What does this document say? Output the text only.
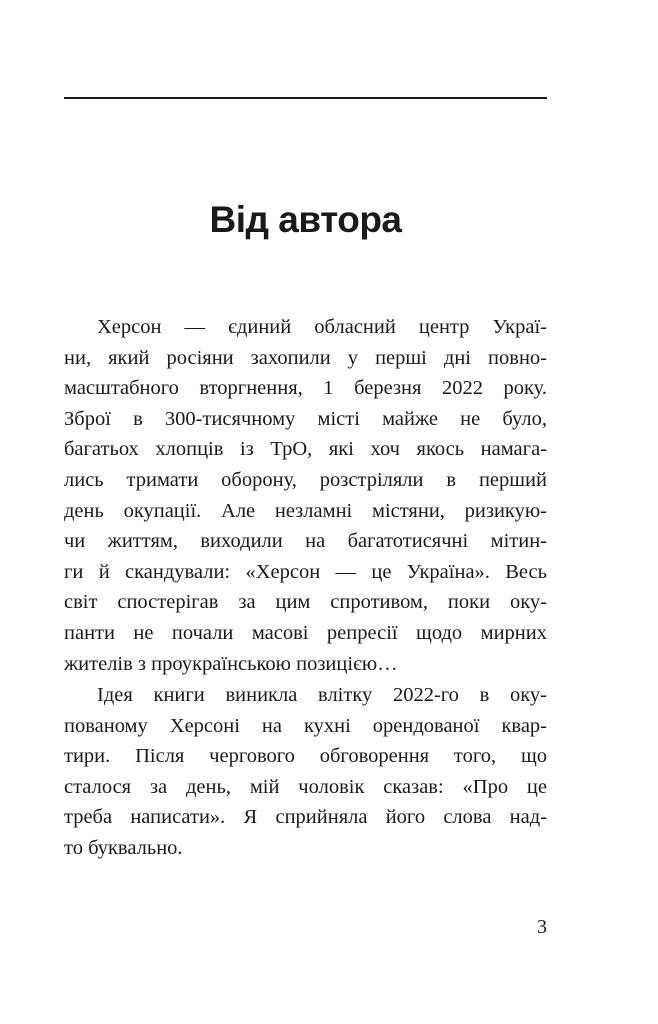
Від автора
Херсон — єдиний обласний центр Украї-
ни, який росіяни захопили у перші дні повно-
масштабного вторгнення, 1 березня 2022 року.
Зброї в 300-тисячному місті майже не було,
багатьох хлопців із ТрО, які хоч якось намага-
лись тримати оборону, розстріляли в перший
день окупації. Але незламні містяни, ризикую-
чи життям, виходили на багатотисячні мітин-
ги й скандували: «Херсон — це Україна». Весь
світ спостерігав за цим спротивом, поки оку-
панти не почали масові репресії щодо мирних
жителів з проукраїнською позицією…
Ідея книги виникла влітку 2022-го в оку-
пованому Херсоні на кухні орендованої квар-
тири. Після чергового обговорення того, що
сталося за день, мій чоловік сказав: «Про це
треба написати». Я сприйняла його слова над-
то буквально.
3
